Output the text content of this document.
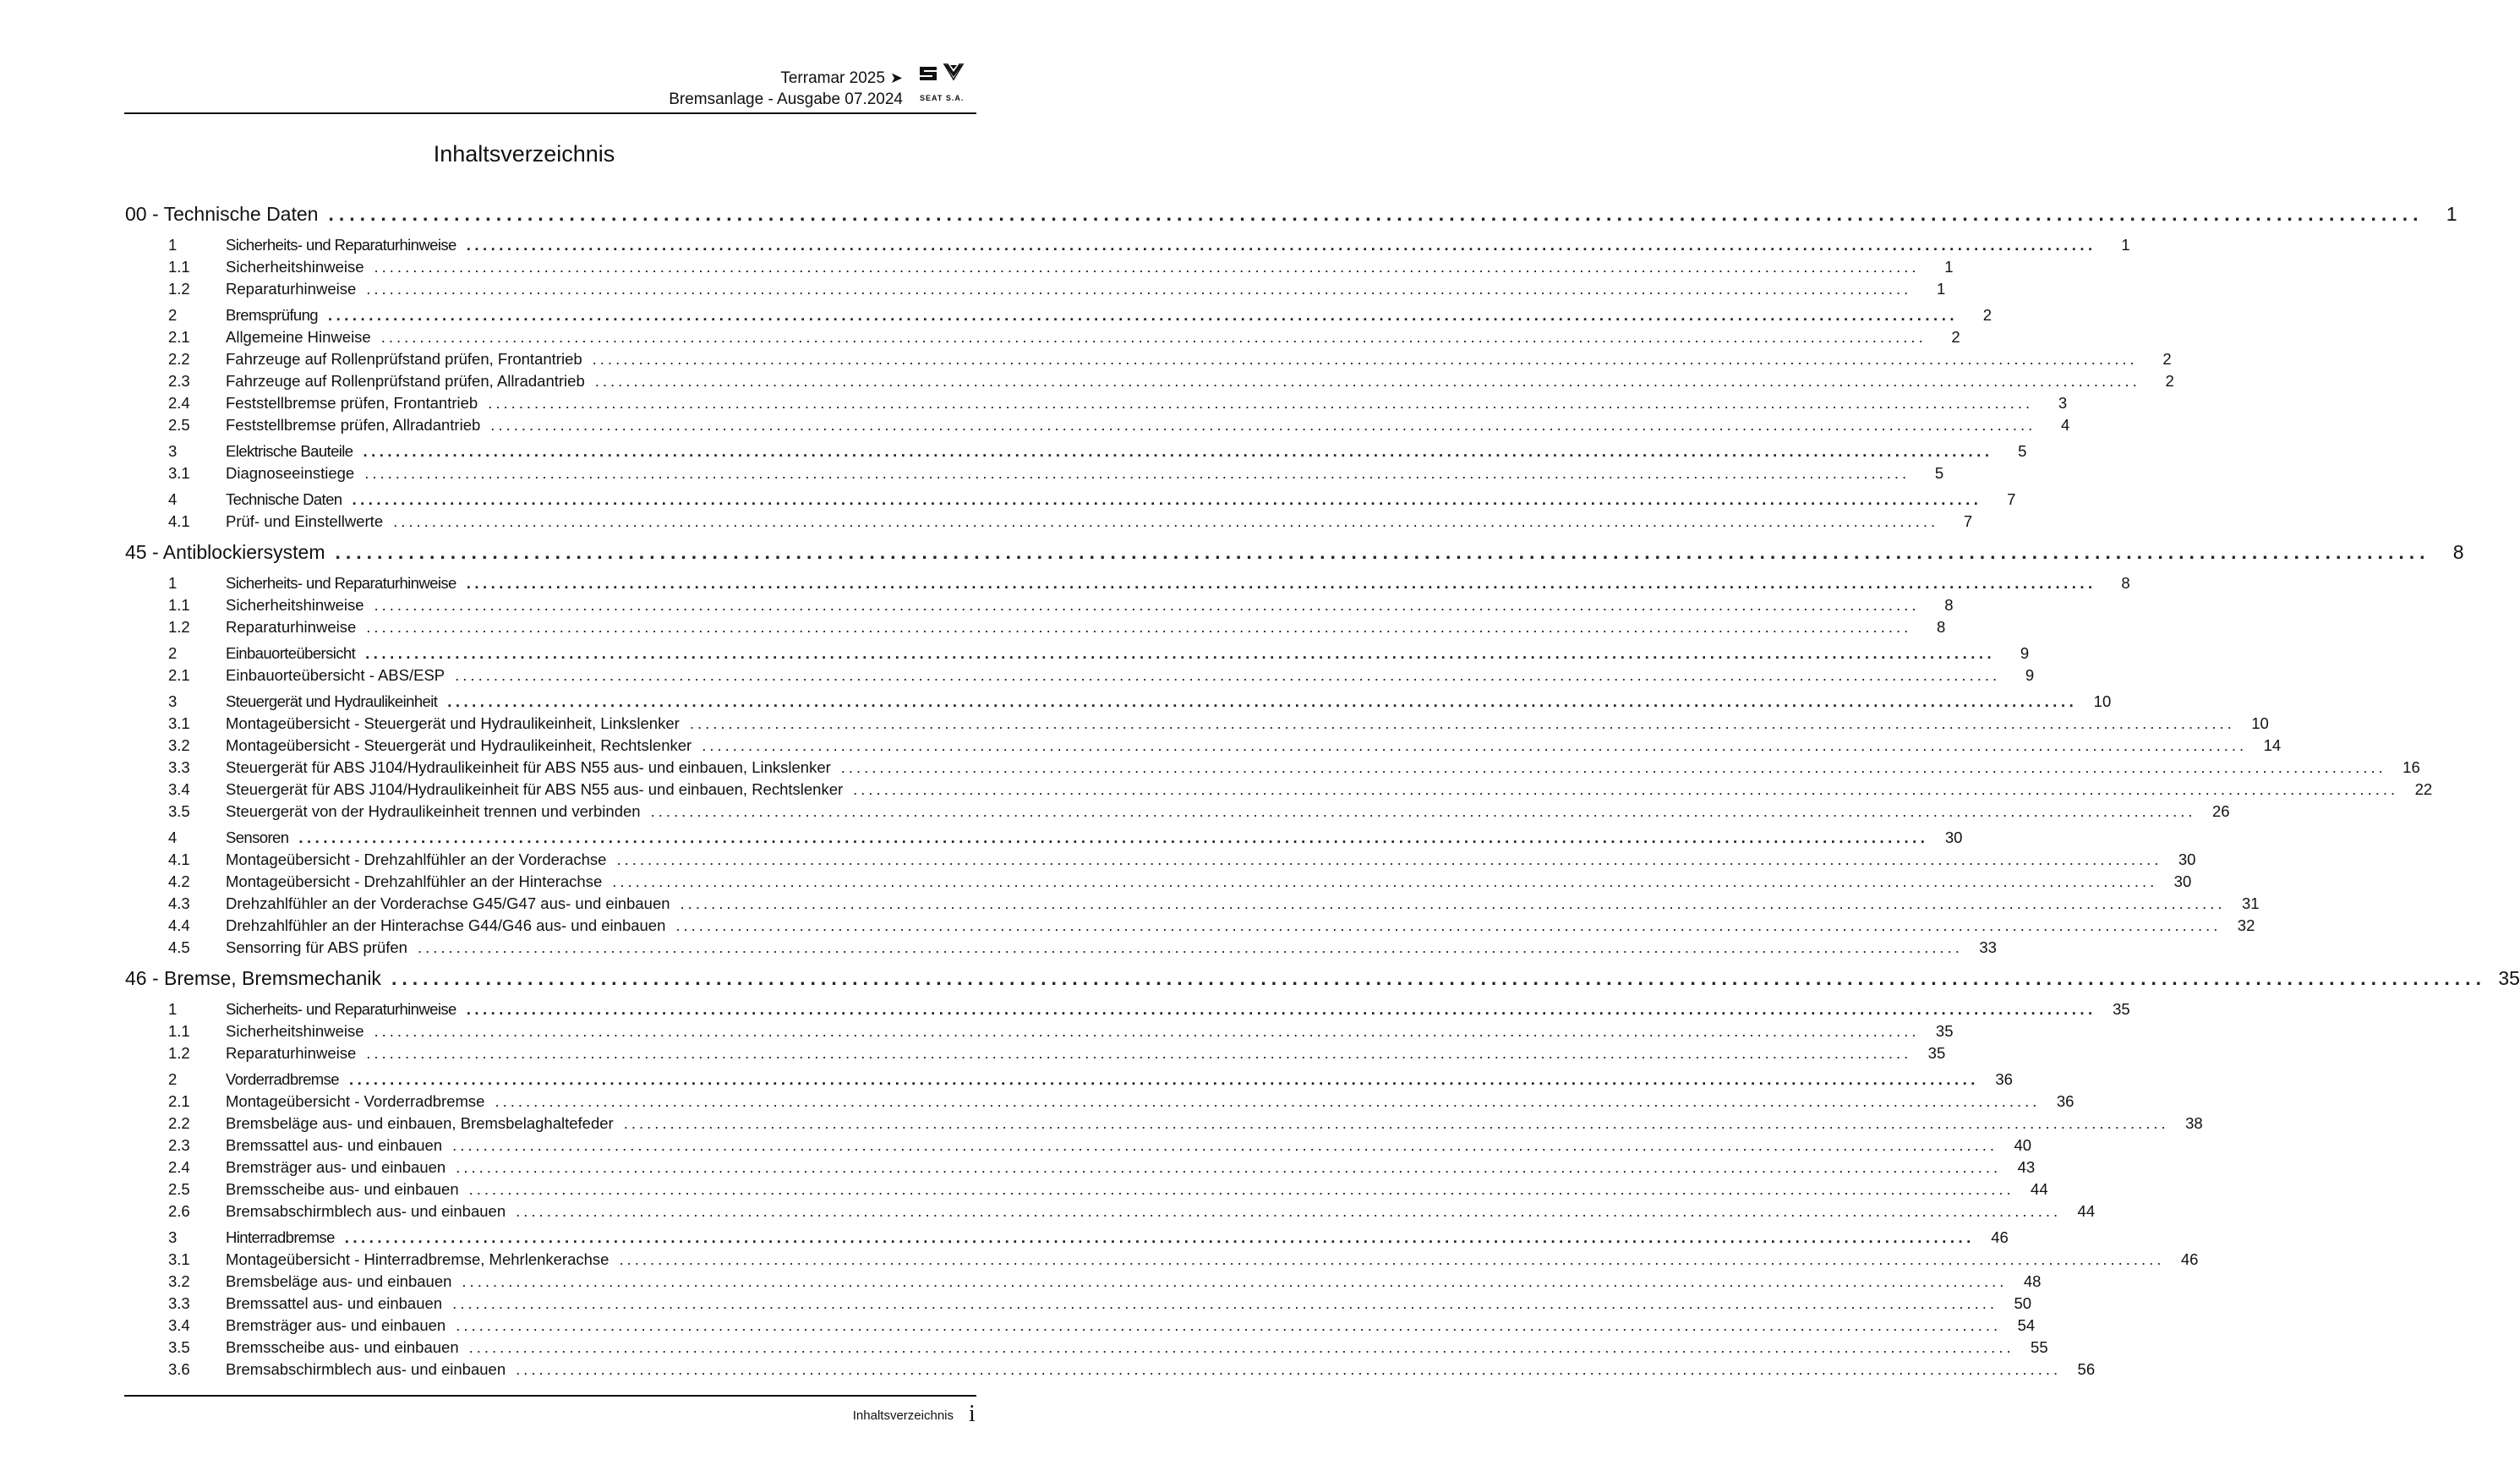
Terramar 2025 ➤
Bremsanlage - Ausgabe 07.2024 SEAT S.A.
Inhaltsverzeichnis
00 - Technische Daten ........................................................................................................................................................................................................	1
1	Sicherheits- und Reparaturhinweise ........................................................................................................................................................................................................	1
1.1	Sicherheitshinweise ........................................................................................................................................................................................................	1
1.2	Reparaturhinweise ........................................................................................................................................................................................................	1
2	Bremsprüfung ........................................................................................................................................................................................................	2
2.1	Allgemeine Hinweise ........................................................................................................................................................................................................	2
2.2	Fahrzeuge auf Rollenprüfstand prüfen, Frontantrieb ........................................................................................................................................................................................................	2
2.3	Fahrzeuge auf Rollenprüfstand prüfen, Allradantrieb ........................................................................................................................................................................................................	2
2.4	Feststellbremse prüfen, Frontantrieb ........................................................................................................................................................................................................	3
2.5	Feststellbremse prüfen, Allradantrieb ........................................................................................................................................................................................................	4
3	Elektrische Bauteile ........................................................................................................................................................................................................	5
3.1	Diagnoseeinstiege ........................................................................................................................................................................................................	5
4	Technische Daten ........................................................................................................................................................................................................	7
4.1	Prüf- und Einstellwerte ........................................................................................................................................................................................................	7
45 - Antiblockiersystem ........................................................................................................................................................................................................	8
1	Sicherheits- und Reparaturhinweise ........................................................................................................................................................................................................	8
1.1	Sicherheitshinweise ........................................................................................................................................................................................................	8
1.2	Reparaturhinweise ........................................................................................................................................................................................................	8
2	Einbauorteübersicht ........................................................................................................................................................................................................	9
2.1	Einbauorteübersicht - ABS/ESP ........................................................................................................................................................................................................	9
3	Steuergerät und Hydraulikeinheit ........................................................................................................................................................................................................	10
3.1	Montageübersicht - Steuergerät und Hydraulikeinheit, Linkslenker ........................................................................................................................................................................................................	10
3.2	Montageübersicht - Steuergerät und Hydraulikeinheit, Rechtslenker ........................................................................................................................................................................................................	14
3.3	Steuergerät für ABS J104/Hydraulikeinheit für ABS N55 aus- und einbauen, Linkslenker ........................................................................................................................................................................................................	16
3.4	Steuergerät für ABS J104/Hydraulikeinheit für ABS N55 aus- und einbauen, Rechtslenker ........................................................................................................................................................................................................	22
3.5	Steuergerät von der Hydraulikeinheit trennen und verbinden ........................................................................................................................................................................................................	26
4	Sensoren ........................................................................................................................................................................................................	30
4.1	Montageübersicht - Drehzahlfühler an der Vorderachse ........................................................................................................................................................................................................	30
4.2	Montageübersicht - Drehzahlfühler an der Hinterachse ........................................................................................................................................................................................................	30
4.3	Drehzahlfühler an der Vorderachse G45/G47 aus- und einbauen ........................................................................................................................................................................................................	31
4.4	Drehzahlfühler an der Hinterachse G44/G46 aus- und einbauen ........................................................................................................................................................................................................	32
4.5	Sensorring für ABS prüfen ........................................................................................................................................................................................................	33
46 - Bremse, Bremsmechanik ........................................................................................................................................................................................................ 35
1	Sicherheits- und Reparaturhinweise ........................................................................................................................................................................................................	35
1.1	Sicherheitshinweise ........................................................................................................................................................................................................	35
1.2	Reparaturhinweise ........................................................................................................................................................................................................	35
2	Vorderradbremse ........................................................................................................................................................................................................	36
2.1	Montageübersicht - Vorderradbremse ........................................................................................................................................................................................................	36
2.2	Bremsbeläge aus- und einbauen, Bremsbelaghaltefeder ........................................................................................................................................................................................................	38
2.3	Bremssattel aus- und einbauen ........................................................................................................................................................................................................	40
2.4	Bremsträger aus- und einbauen ........................................................................................................................................................................................................	43
2.5	Bremsscheibe aus- und einbauen ........................................................................................................................................................................................................	44
2.6	Bremsabschirmblech aus- und einbauen ........................................................................................................................................................................................................	44
3	Hinterradbremse ........................................................................................................................................................................................................	46
3.1	Montageübersicht - Hinterradbremse, Mehrlenkerachse ........................................................................................................................................................................................................	46
3.2	Bremsbeläge aus- und einbauen ........................................................................................................................................................................................................	48
3.3	Bremssattel aus- und einbauen ........................................................................................................................................................................................................	50
3.4	Bremsträger aus- und einbauen ........................................................................................................................................................................................................	54
3.5	Bremsscheibe aus- und einbauen ........................................................................................................................................................................................................	55
3.6	Bremsabschirmblech aus- und einbauen ........................................................................................................................................................................................................	56
Inhaltsverzeichnis i
